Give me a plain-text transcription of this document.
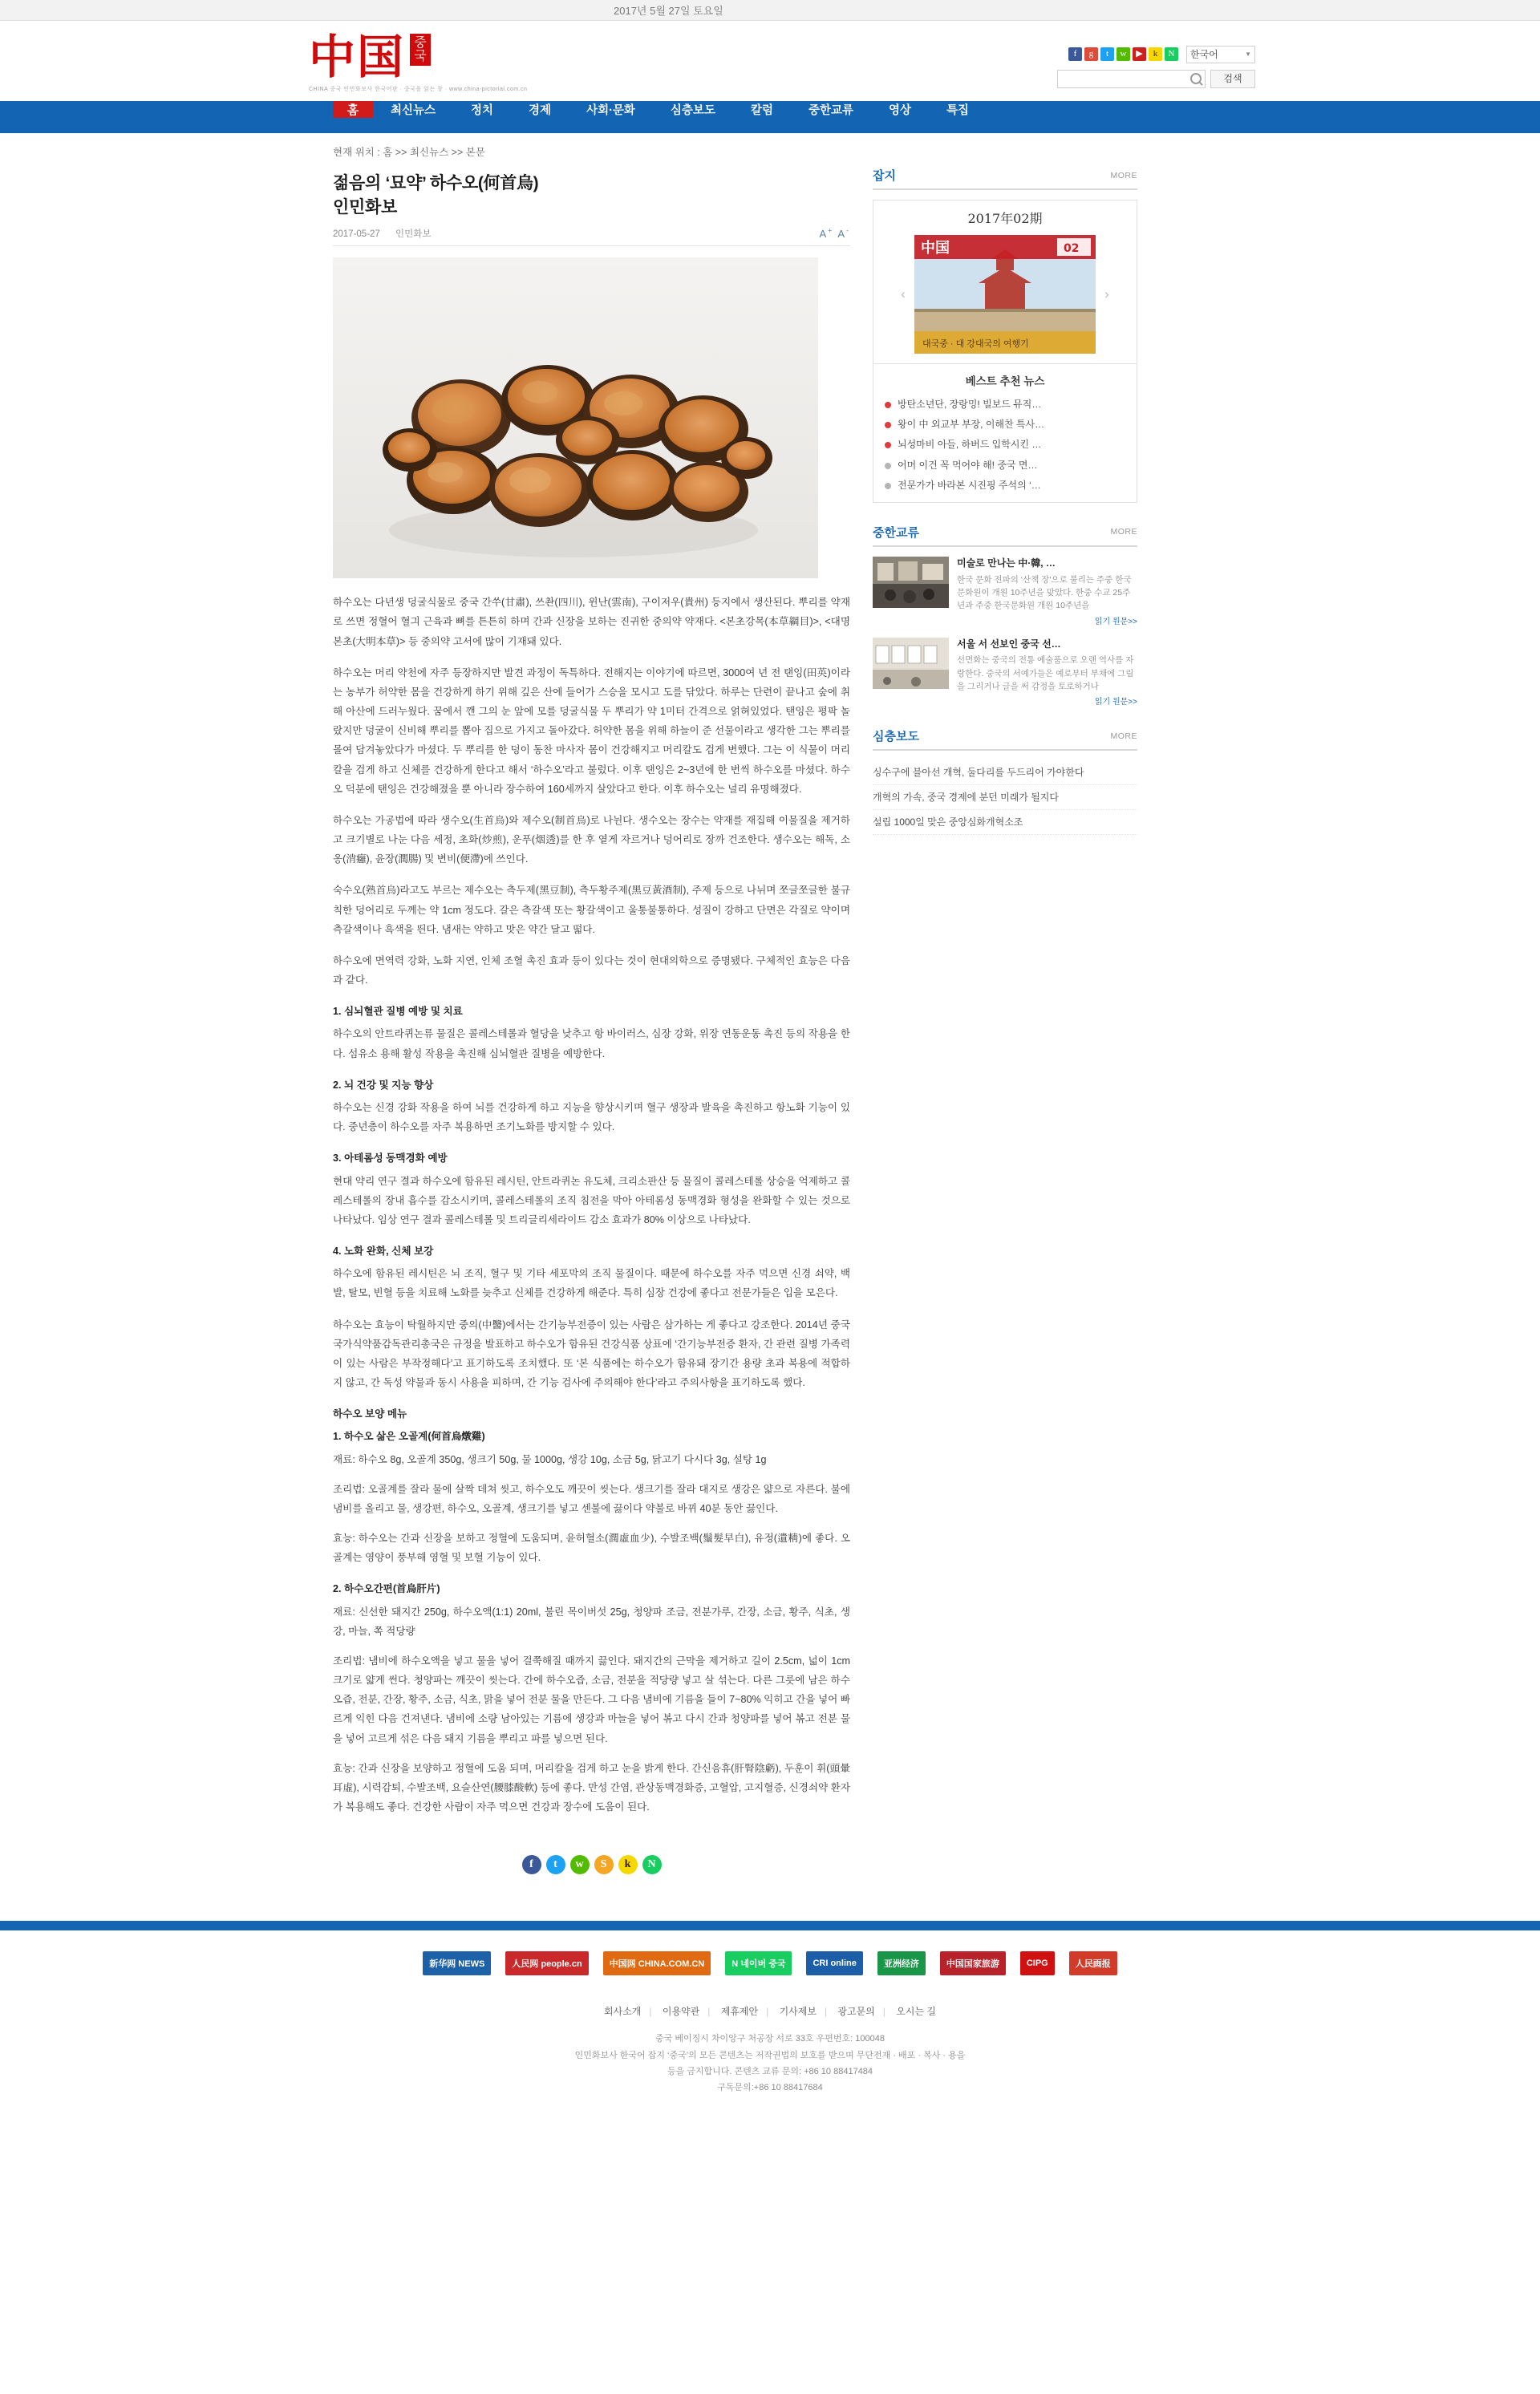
2017년 5월 27일 토요일
中国 중국
CHINA 중국 인민화보사 한국어판 · 중국을 읽는 창 · www.china-pictorial.com.cn
f	g	t	w	▶	k	N	한국어	▼
검색
홈	최신뉴스	정치	경제	사회·문화	심층보도	칼럼	중한교류	영상	특집
현재 위치 : 홈 >> 최신뉴스 >> 본문
젊음의 ‘묘약’ 하수오(何首烏)
인민화보
2017-05-27 인민화보	A+ A-

하수오는 다년생 덩굴식물로 중국 간쑤(甘肅), 쓰촨(四川), 윈난(雲南), 구이저우(貴州) 등지에서 생산된다. 뿌리를 약재로 쓰면 정혈어 혈긔 근육과 뼈를 튼튼히 하며 간과 신장을 보하는 진귀한 중의약 약재다. <본초강목(本草綱目)>, <대명본초(大明本草)> 등 중의약 고서에 많이 기재돼 있다.

하수오는 머리 약천에 자주 등장하지만 발견 과정이 독특하다. 전해지는 이야기에 따르면, 3000여 년 전 탠잉(田英)이라는 농부가 허약한 몸을 건강하게 하기 위해 깊은 산에 들어가 스승을 모시고 도를 닦았다. 하루는 단련이 끝나고 숲에 취해 아산에 드러누웠다. 꿈에서 깬 그의 눈 앞에 모를 덩굴식물 두 뿌리가 약 1미터 간격으로 얽혀있었다. 탠잉은 평팍 놀랐지만 덩굴이 신비해 뿌리를 뽑아 집으로 가지고 돌아갔다. 허약한 몸을 위해 하늘이 준 선물이라고 생각한 그는 뿌리를 몰여 담겨놓았다가 마셨다. 두 뿌리를 한 덩이 동찬 마사자 몸이 건강해지고 머리칼도 검게 변했다. 그는 이 식물이 머리칼을 검게 하고 신체를 건강하게 한다고 해서 ‘하수오’라고 불렀다. 이후 탠잉은 2~3년에 한 번씩 하수오를 마셨다. 하수오 덕분에 탠잉은 건강해졌을 뿐 아니라 장수하여 160세까지 살았다고 한다. 이후 하수오는 널리 유명해졌다.

하수오는 가공법에 따라 생수오(生首烏)와 제수오(制首烏)로 나뉜다. 생수오는 장수는 약재를 재집해 이물질을 제거하고 크기별로 나눈 다음 세정, 초화(炒煎), 운푸(烟透)를 한 후 옅게 자르거나 덩어리로 장까 건조한다. 생수오는 해독, 소옹(消癰), 윤장(潤腸) 및 변비(便滯)에 쓰인다.

숙수오(熟首烏)라고도 부르는 제수오는 측두제(黑豆制), 측두황주제(黑豆黃酒制), 주제 등으로 나뉘며 쪼글쪼글한 불규칙한 덩어리로 두께는 약 1cm 정도다. 갈은 측갈색 또는 황갈색이고 울통불통하다. 성질이 강하고 단면은 각질로 약이며 측갈색이나 흑색을 띈다. 냄새는 약하고 맛은 약간 달고 떫다.

하수오에 면역력 강화, 노화 지연, 인체 조혈 촉진 효과 등이 있다는 것이 현대의학으로 증명됐다. 구체적인 효능은 다음과 같다.

1. 심뇌혈관 질병 예방 및 치료

하수오의 안트라퀴논류 물질은 콜레스테롤과 혈당을 낮추고 항 바이러스, 심장 강화, 위장 연동운동 촉진 등의 작용을 한다. 섬유소 용해 활성 작용을 촉진해 심뇌혈관 질병을 예방한다.

2. 뇌 건강 및 지능 향상

하수오는 신경 강화 작용을 하여 뇌를 건강하게 하고 지능을 향상시키며 혈구 생장과 발육을 촉진하고 항노화 기능이 있다. 중년층이 하수오를 자주 복용하면 조기노화를 방지할 수 있다.

3. 아테롬성 동맥경화 예방

현대 약리 연구 결과 하수오에 함유된 레시틴, 안트라퀴논 유도체, 크리소판산 등 물질이 콜레스테롤 상승을 억제하고 콜레스테롤의 장내 흡수를 감소시키며, 콜레스테롤의 조직 침전을 막아 아테롬성 동맥경화 형성을 완화할 수 있는 것으로 나타났다. 임상 연구 결과 콜레스테롤 및 트리글리세라이드 감소 효과가 80% 이상으로 나타났다.

4. 노화 완화, 신체 보강

하수오에 함유된 레시틴은 뇌 조직, 혈구 및 기타 세포막의 조직 물질이다. 때문에 하수오를 자주 먹으면 신경 쇠약, 백발, 탈모, 빈혈 등을 치료해 노화를 늦추고 신체를 건강하게 해준다. 특히 심장 건강에 좋다고 전문가들은 입을 모은다.

하수오는 효능이 탁월하지만 중의(中醫)에서는 간기능부전증이 있는 사람은 삼가하는 게 좋다고 강조한다. 2014년 중국국가식약품감독관리총국은 규정을 발표하고 하수오가 함유된 건강식품 상표에 ‘간기능부전증 환자, 간 관련 질병 가족력이 있는 사람은 부작정해다’고 표기하도록 조치했다. 또 ‘본 식품에는 하수오가 함유돼 장기간 용량 초과 복용에 적합하지 않고, 간 독성 약물과 동시 사용을 피하며, 간 기능 검사에 주의해야 한다’라고 주의사항을 표기하도록 했다.

하수오 보양 메뉴

1. 하수오 삶은 오골계(何首烏燉雞)

재료: 하수오 8g, 오골계 350g, 생크기 50g, 물 1000g, 생강 10g, 소금 5g, 닭고기 다시다 3g, 설탕 1g

조리법: 오골계를 잘라 물에 살짝 데쳐 씻고, 하수오도 깨끗이 씻는다. 생크기를 잘라 대지로 생강은 얇으로 자른다. 불에 냄비를 올리고 물, 생강편, 하수오, 오골계, 생크기를 넣고 센불에 끓이다 약불로 바뀌 40분 동안 끓인다.

효능: 하수오는 간과 신장을 보하고 정혈에 도움되며, 윤허혈소(潤虛血少), 수발조백(鬚髮早白), 유정(遺精)에 좋다. 오골계는 영양이 풍부해 영혈 및 보혈 기능이 있다.

2. 하수오간편(首烏肝片)

재료: 신선한 돼지간 250g, 하수오액(1:1) 20ml, 불린 목이버섯 25g, 청양파 조금, 전분가루, 간장, 소금, 황주, 식초, 생강, 마늘, 쪽 적당량

조리법: 냄비에 하수오액을 넣고 물을 넣어 걸쭉해질 때까지 끓인다. 돼지간의 근막을 제거하고 길이 2.5cm, 넓이 1cm 크기로 얇게 썬다. 청양파는 깨끗이 씻는다. 간에 하수오즙, 소금, 전분을 적당량 넣고 살 섞는다. 다른 그릇에 남은 하수오즙, 전분, 간장, 황주, 소금, 식초, 맑을 넣어 전분 물을 만든다. 그 다음 냄비에 기름을 들이 7~80% 익히고 간을 넣어 빠르게 익힌 다음 건져낸다. 냄비에 소량 남아있는 기름에 생강과 마늘을 넣어 볶고 다시 간과 청양파를 넣어 볶고 전분 물을 넣어 고르게 섞은 다음 돼지 기름을 뿌리고 파를 넣으면 된다.

효능: 간과 신장을 보양하고 정혈에 도움 되며, 머리칼을 검게 하고 눈을 밝게 한다. 간신음휴(肝腎陰虧), 두훈이 휘(頭暈耳虛), 시력감퇴, 수발조백, 요슬산연(腰膝酸軟) 등에 좋다. 만성 간염, 관상동맥경화증, 고혈압, 고지혈증, 신경쇠약 환자가 복용해도 좋다. 건강한 사람이 자주 먹으면 건강과 장수에 도움이 된다.

f	t	w	S	k	N
잡지	MORE
2017年02期
‹
中国	02
대국중 · 대 강대국의 여행기
›
베스트 추천 뉴스
방탄소년단, 장랑밍! 빌보드 뮤직…
왕이 中 외교부 부장, 이해찬 특사…
뇌성마비 아들, 하버드 입학시킨 …
어머 이건 꼭 먹어야 해! 중국 면…
전문가가 바라본 시진핑 주석의 ‘…
중한교류	MORE
미술로 만나는 中·韓, …
한국 문화 전파의 ‘산책 장'으로 불리는 주중 한국문화원이 개원 10주년을 맞았다. 한중 수교 25주년과 주중 한국문화원 개원 10주년을
읽기 원문>>
서울 서 선보인 중국 선…
선면화는 중국의 전통 예술품으로 오랜 역사를 자랑한다. 중국의 서예가들은 예로부터 부채에 그림을 그리거나 글을 써 감정을 토로하거나
읽기 원문>>
심층보도	MORE
싱수구에 블아선 개혁, 둘다리를 두드리어 가야한다
개혁의 가속, 중국 경제에 분던 미래가 될지다
설립 1000일 맞은 중앙심화개혁소조
新华网 NEWS	人民网 people.cn	中国网 CHINA.COM.CN	N 네이버 중국	CRI online	亚洲经济	中国国家旅游	CIPG	人民画报
회사소개 | 이용약관 | 제휴제안 | 기사제보 | 광고문의 | 오시는 길
중국 베이징시 차이앙구 처공장 서로 33호 우편번호: 100048
인민화보사 한국어 잡지 ‘중국’의 모든 콘텐츠는 저작권법의 보호를 받으며 무단전재 · 배포 · 복사 · 용을
등을 금지합니다. 콘텐츠 교류 문의: +86 10 88417484
구독문의:+86 10 88417684
